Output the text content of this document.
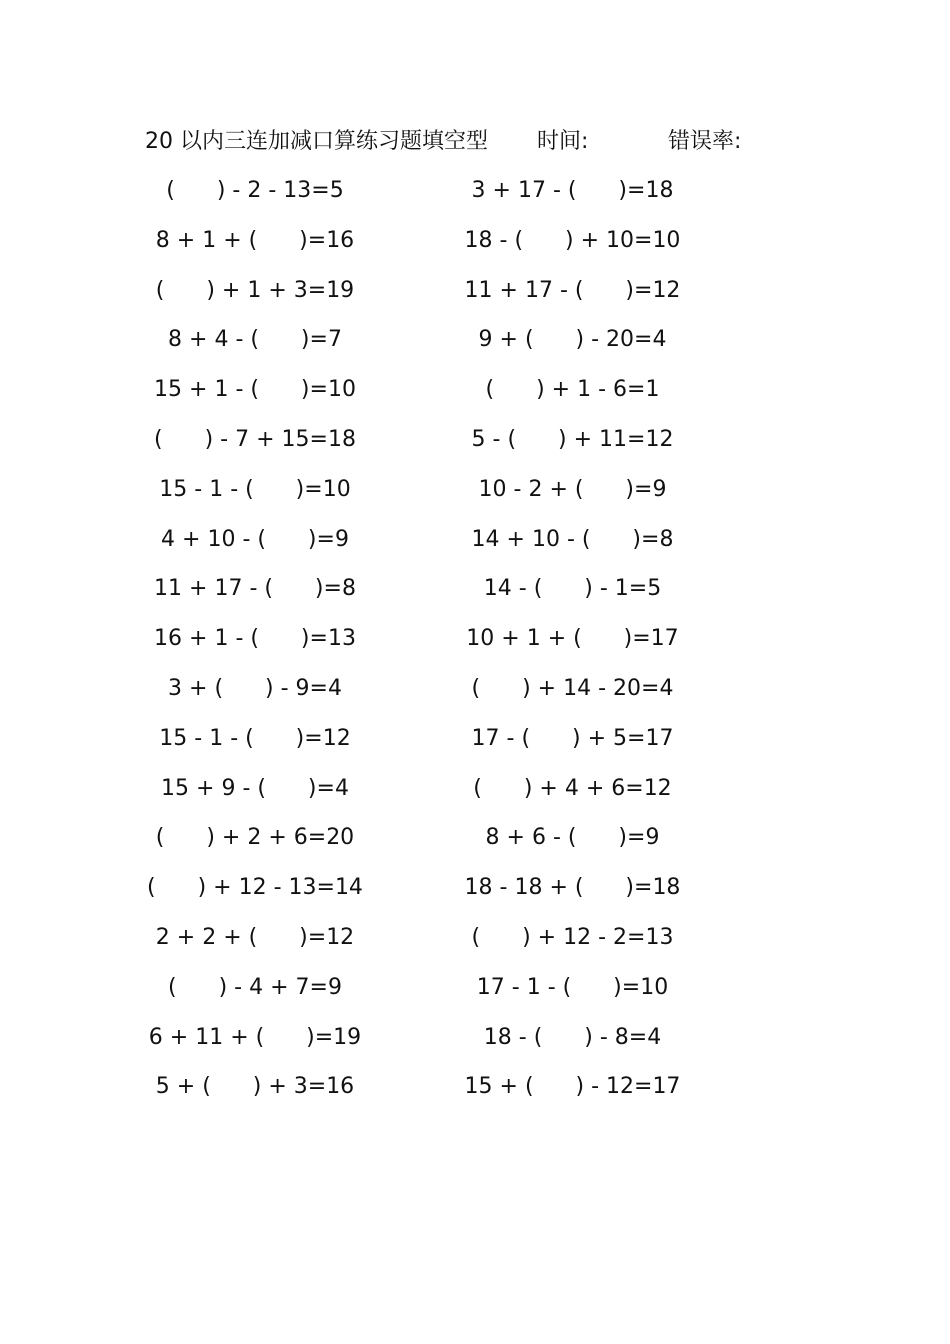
20 以内三连加减口算练习题填空型 时间:	错误率:
(      ) - 2 - 13=5	3 + 17 - (      )=18
8 + 1 + (      )=16	18 - (      ) + 10=10
(      ) + 1 + 3=19	11 + 17 - (      )=12
8 + 4 - (      )=7	9 + (      ) - 20=4
15 + 1 - (      )=10	(      ) + 1 - 6=1
(      ) - 7 + 15=18	5 - (      ) + 11=12
15 - 1 - (      )=10	10 - 2 + (      )=9
4 + 10 - (      )=9	14 + 10 - (      )=8
11 + 17 - (      )=8	14 - (      ) - 1=5
16 + 1 - (      )=13	10 + 1 + (      )=17
3 + (      ) - 9=4	(      ) + 14 - 20=4
15 - 1 - (      )=12	17 - (      ) + 5=17
15 + 9 - (      )=4	(      ) + 4 + 6=12
(      ) + 2 + 6=20	8 + 6 - (      )=9
(      ) + 12 - 13=14	18 - 18 + (      )=18
2 + 2 + (      )=12	(      ) + 12 - 2=13
(      ) - 4 + 7=9	17 - 1 - (      )=10
6 + 11 + (      )=19	18 - (      ) - 8=4
5 + (      ) + 3=16	15 + (      ) - 12=17
